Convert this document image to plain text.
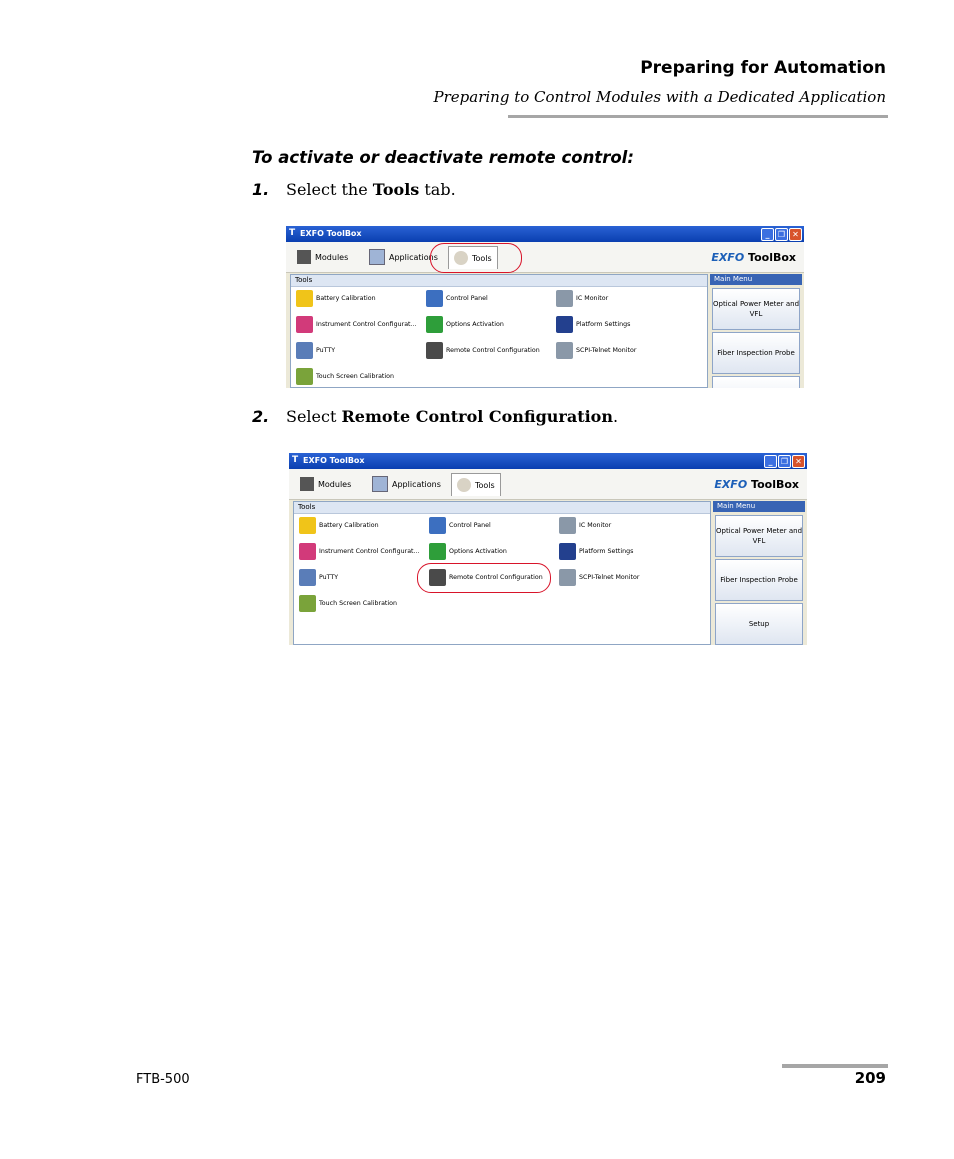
Preparing for Automation
Preparing to Control Modules with a Dedicated Application
To activate or deactivate remote control:
1. Select the Tools tab.
T EXFO ToolBox	_	❐ ✕
Modules	Applications	Tools	EXFO ToolBox
Tools
Battery Calibration	Control Panel	IC Monitor
Instrument Control Configurat...	Options Activation	Platform Settings
PuTTY	Remote Control Configuration	SCPI-Telnet Monitor
Touch Screen Calibration
Main Menu
Optical Power Meter and VFL
Fiber Inspection Probe
2. Select Remote Control Configuration.
T EXFO ToolBox	_	❐ ✕
Modules	Applications	Tools	EXFO ToolBox
Tools
Battery Calibration	Control Panel	IC Monitor
Instrument Control Configurat...	Options Activation	Platform Settings
PuTTY	Remote Control Configuration	SCPI-Telnet Monitor
Touch Screen Calibration
Main Menu
Optical Power Meter and VFL
Fiber Inspection Probe
Setup
FTB-500	209
